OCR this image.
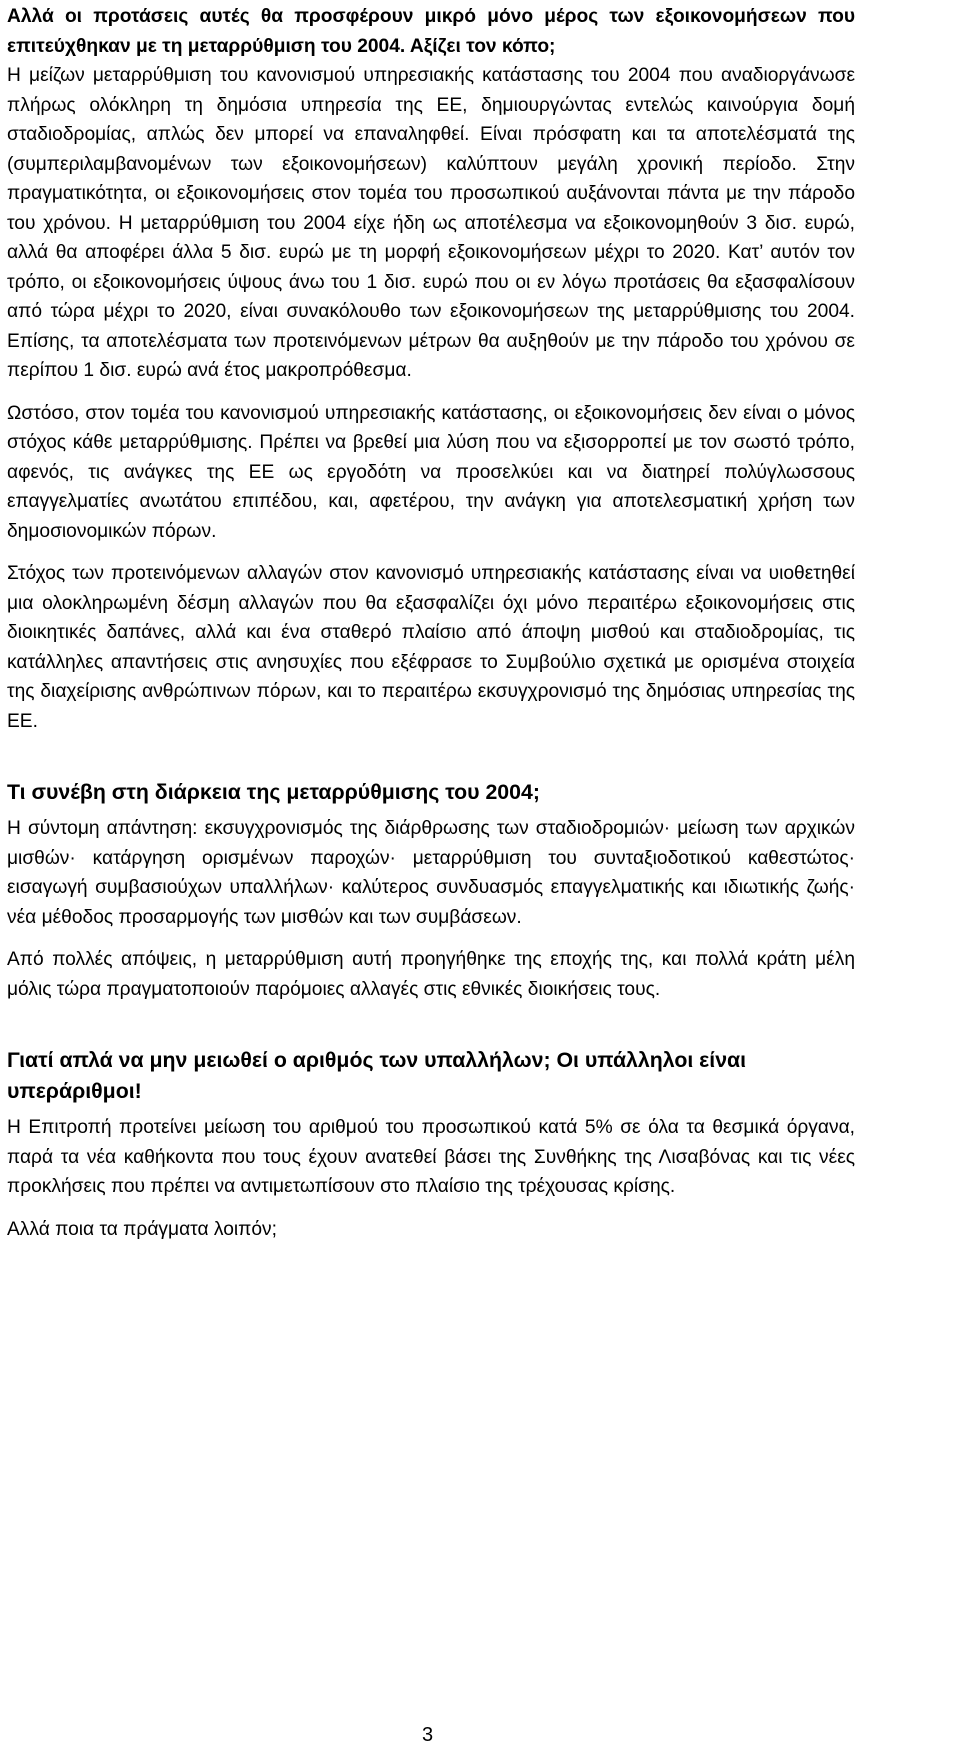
Αλλά οι προτάσεις αυτές θα προσφέρουν μικρό μόνο μέρος των εξοικονομήσεων που επιτεύχθηκαν με τη μεταρρύθμιση του 2004. Αξίζει τον κόπο;

Η μείζων μεταρρύθμιση του κανονισμού υπηρεσιακής κατάστασης του 2004 που αναδιοργάνωσε πλήρως ολόκληρη τη δημόσια υπηρεσία της ΕΕ, δημιουργώντας εντελώς καινούργια δομή σταδιοδρομίας, απλώς δεν μπορεί να επαναληφθεί. Είναι πρόσφατη και τα αποτελέσματά της (συμπεριλαμβανομένων των εξοικονομήσεων) καλύπτουν μεγάλη χρονική περίοδο. Στην πραγματικότητα, οι εξοικονομήσεις στον τομέα του προσωπικού αυξάνονται πάντα με την πάροδο του χρόνου. Η μεταρρύθμιση του 2004 είχε ήδη ως αποτέλεσμα να εξοικονομηθούν 3 δισ. ευρώ, αλλά θα αποφέρει άλλα 5 δισ. ευρώ με τη μορφή εξοικονομήσεων μέχρι το 2020. Κατ’ αυτόν τον τρόπο, οι εξοικονομήσεις ύψους άνω του 1 δισ. ευρώ που οι εν λόγω προτάσεις θα εξασφαλίσουν από τώρα μέχρι το 2020, είναι συνακόλουθο των εξοικονομήσεων της μεταρρύθμισης του 2004. Επίσης, τα αποτελέσματα των προτεινόμενων μέτρων θα αυξηθούν με την πάροδο του χρόνου σε περίπου 1 δισ. ευρώ ανά έτος μακροπρόθεσμα.

Ωστόσο, στον τομέα του κανονισμού υπηρεσιακής κατάστασης, οι εξοικονομήσεις δεν είναι ο μόνος στόχος κάθε μεταρρύθμισης. Πρέπει να βρεθεί μια λύση που να εξισορροπεί με τον σωστό τρόπο, αφενός, τις ανάγκες της ΕΕ ως εργοδότη να προσελκύει και να διατηρεί πολύγλωσσους επαγγελματίες ανωτάτου επιπέδου, και, αφετέρου, την ανάγκη για αποτελεσματική χρήση των δημοσιονομικών πόρων.

Στόχος των προτεινόμενων αλλαγών στον κανονισμό υπηρεσιακής κατάστασης είναι να υιοθετηθεί μια ολοκληρωμένη δέσμη αλλαγών που θα εξασφαλίζει όχι μόνο περαιτέρω εξοικονομήσεις στις διοικητικές δαπάνες, αλλά και ένα σταθερό πλαίσιο από άποψη μισθού και σταδιοδρομίας, τις κατάλληλες απαντήσεις στις ανησυχίες που εξέφρασε το Συμβούλιο σχετικά με ορισμένα στοιχεία της διαχείρισης ανθρώπινων πόρων, και το περαιτέρω εκσυγχρονισμό της δημόσιας υπηρεσίας της ΕΕ.

Τι συνέβη στη διάρκεια της μεταρρύθμισης του 2004;

Η σύντομη απάντηση: εκσυγχρονισμός της διάρθρωσης των σταδιοδρομιών· μείωση των αρχικών μισθών· κατάργηση ορισμένων παροχών· μεταρρύθμιση του συνταξιοδοτικού καθεστώτος· εισαγωγή συμβασιούχων υπαλλήλων· καλύτερος συνδυασμός επαγγελματικής και ιδιωτικής ζωής· νέα μέθοδος προσαρμογής των μισθών και των συμβάσεων.

Από πολλές απόψεις, η μεταρρύθμιση αυτή προηγήθηκε της εποχής της, και πολλά κράτη μέλη μόλις τώρα πραγματοποιούν παρόμοιες αλλαγές στις εθνικές διοικήσεις τους.

Γιατί απλά να μην μειωθεί ο αριθμός των υπαλλήλων; Οι υπάλληλοι είναι υπεράριθμοι!

Η Επιτροπή προτείνει μείωση του αριθμού του προσωπικού κατά 5% σε όλα τα θεσμικά όργανα, παρά τα νέα καθήκοντα που τους έχουν ανατεθεί βάσει της Συνθήκης της Λισαβόνας και τις νέες προκλήσεις που πρέπει να αντιμετωπίσουν στο πλαίσιο της τρέχουσας κρίσης.

Αλλά ποια τα πράγματα λοιπόν;

3
